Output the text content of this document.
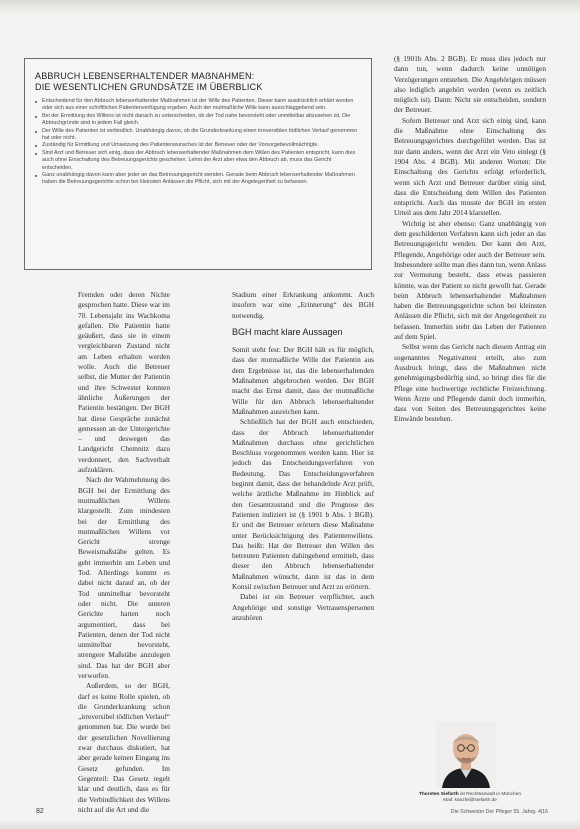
ABBRUCH LEBENSERHALTENDER MAẞNAHMEN:
DIE WESENTLICHEN GRUNDSÄTZE IM ÜBERBLICK
■ Entscheidend für den Abbruch lebenserhaltender Maßnahmen ist der Wille des Patienten. Dieser kann ausdrücklich erklärt worden oder sich aus einer schriftlichen Patientenverfügung ergeben. Auch der mutmaßliche Wille kann ausschlaggebend sein.
■ Bei der Ermittlung des Willens ist nicht danach zu unterscheiden, ob der Tod nahe bevorsteht oder unmittelbar abzusehen ist. Die Abbruchgründe sind in jedem Fall gleich.
■ Der Wille des Patienten ist verbindlich. Unabhängig davon, ob die Grunderkrankung einen irreversiblen tödlichen Verlauf genommen hat oder nicht.
■ Zuständig für Ermittlung und Umsetzung des Patientenwunsches ist der Betreuer oder der Vorsorgebevollmächtigte.
■ Sind Arzt und Betreuer sich einig, dass der Abbruch lebenserhaltender Maßnahmen dem Willen des Patienten entspricht, kann dies auch ohne Einschaltung des Betreuungsgerichts geschehen. Lehnt der Arzt aber etwa den Abbruch ab, muss das Gericht entscheiden.
■ Ganz unabhängig davon kann aber jeder an das Betreuungsgericht wenden. Gerade beim Abbruch lebenserhaltender Maßnahmen haben die Betreuungsgerichte schon bei kleinsten Anlässen die Pflicht, sich mit der Angelegenheit zu befassen.

Fremden oder deren Nichte gesprochen hatte. Diese war im 70. Lebensjahr ins Wachkoma gefallen. Die Patientin hatte geäußert, dass sie in einem vergleichbaren Zustand nicht am Leben erhalten werden wolle. Auch die Betreuer selbst, die Mutter der Patientin und ihre Schwester konnten ähnliche Äußerungen der Patientin bestätigen. Der BGH hat diese Gespräche zunächst gemessen an der Untergerichte – und deswegen das Landgericht Chemnitz dazu verdonnert, den Sachverhalt aufzuklären.

Nach der Wahrnehmung des BGH bei der Ermittlung des mutmaßlichen Willens klargestellt. Zum mindesten bei der Ermittlung des mutmaßlichen Willens vor Gericht strenge Beweismaßstäbe gelten. Es geht immerhin um Leben und Tod. Allerdings kommt es dabei nicht darauf an, ob der Tod unmittelbar bevorsteht oder nicht. Die unteren Gerichte hatten noch argumentiert, dass bei Patienten, denen der Tod nicht unmittelbar bevorsteht, strengere Maßstäbe anzulegen sind. Das hat der BGH aber verworfen.

Außerdem, so der BGH, darf es keine Rolle spielen, ob die Grunderkrankung schon „irreversibel tödlichen Verlauf“ genommen hat. Die wurde bei der gesetzlichen Novellierung zwar durchaus diskutiert, hat aber gerade keinen Eingang ins Gesetz gefunden. Im Gegenteil: Das Gesetz regelt klar und deutlich, dass es für die Verbindlichkeit des Willens nicht auf die Art und die

Stadium einer Erkrankung ankommt. Auch insofern war eine „Erinnerung“ des BGH notwendig.

BGH macht klare Aussagen

Somit steht fest: Der BGH hält es für möglich, dass der mutmaßliche Wille der Patientin aus dem Ergebnisse ist, das die lebenserhaltenden Maßnahmen abgebrochen werden. Der BGH macht das Ernst damit, dass der mutmaßliche Wille für den Abbruch lebenserhaltender Maßnahmen ausreichen kann.

Schließlich hat der BGH auch entschieden, dass der Abbruch lebenserhaltender Maßnahmen durchaus ohne gerichtlichen Beschluss vorgenommen werden kann. Hier ist jedoch das Entscheidungsverfahren von Bedeutung. Das Entscheidungsverfahren beginnt damit, dass der behandelnde Arzt prüft, welche ärztliche Maßnahme im Hinblick auf den Gesamtzustand und die Prognose des Patienten indiziert ist (§ 1901 b Abs. 1 BGB). Er und der Betreuer erörtern diese Maßnahme unter Berücksichtigung des Patientenwillens. Das heißt: Hat der Betreuer den Willen des betreuten Patienten dahingehend ermittelt, dass dieser den Abbruch lebenserhaltender Maßnahmen wünscht, dann ist das in dem Konsil zwischen Betreuer und Arzt zu erörtern.

Dabei ist ein Betreuer verpflichtet, auch Angehörige und sonstige Vertrauenspersonen anzuhören

(§ 1901b Abs. 2 BGB). Er muss dies jedoch nur dann tun, wenn dadurch keine unnötigen Verzögerungen entstehen. Die Angehörigen müssen also lediglich angehört werden (wenn es zeitlich möglich ist). Dann: Nicht sie entscheiden, sondern der Betreuer.

Sofern Betreuer und Arzt sich einig sind, kann die Maßnahme ohne Einschaltung des Betreuungsgerichtes durchgeführt werden. Das ist nur dann anders, wenn der Arzt ein Veto einlegt (§ 1904 Abs. 4 BGB). Mit anderen Worten: Die Einschaltung des Gerichts erfolgt erforderlich, wenn sich Arzt und Betreuer darüber einig sind, dass die Entscheidung dem Willen des Patienten entspricht. Auch das musste der BGH im ersten Urteil aus dem Jahr 2014 klarstellen.

Wichtig ist aber ebenso: Ganz unabhängig von dem geschilderten Verfahren kann sich jeder an das Betreuungsgericht wenden. Der kann den Arzt, Pflegende, Angehörige oder auch der Betreuer sein. Insbesondere sollte man dies dann tun, wenn Anlass zur Vermutung besteht, dass etwas passieren könnte, was der Patient so nicht gewollt hat. Gerade beim Abbruch lebenserhaltender Maßnahmen haben die Betreuungsgerichte schon bei kleinsten Anlässen die Pflicht, sich mit der Angelegenheit zu befassen. Immerhin steht das Leben der Patienten auf dem Spiel.

Selbst wenn das Gericht nach diesem Antrag ein sogenanntes Negativattest erteilt, also zum Ausdruck bringt, dass die Maßnahmen nicht genehmigungsbedürftig sind, so bringt dies für die Pflege eine hochwertige rechtliche Freizeichnung. Wenn Ärzte und Pflegende damit doch immerhin, dass von Seiten des Betreuungsgerichtes keine Einwände bestehen.

Thorsten Siefarth ist Rechtsanwalt in München
Mail: kanzlei@siefarth.de
82	Die Schwester Der Pfleger 55. Jahrg. 4|16
